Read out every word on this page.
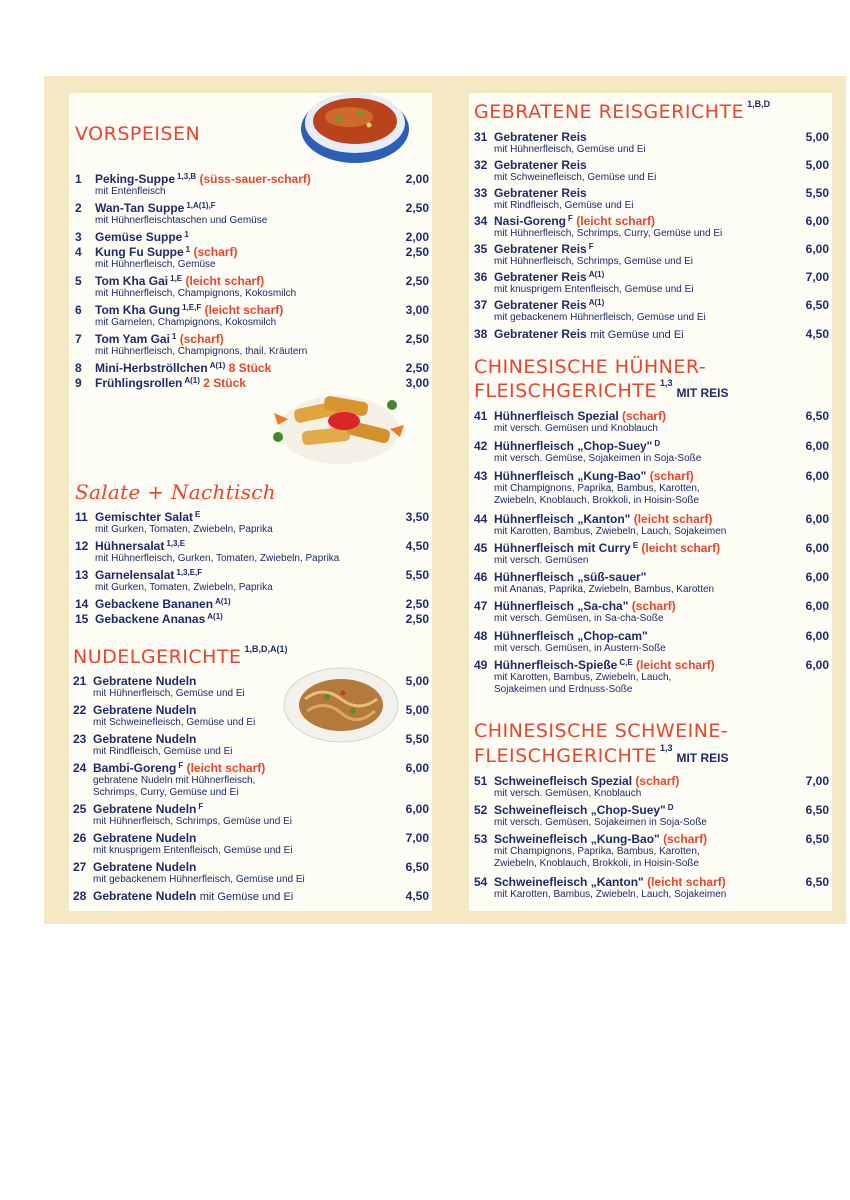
VORSPEISEN
1	Peking-Suppe $^{1,3,B}$ (süss-sauer-scharf)	2,00
mit Entenfleisch
2	Wan-Tan Suppe $^{1,A(1),F}$	2,50
mit Hühnerfleischtaschen und Gemüse
3	Gemüse Suppe $^1$	2,00
4	Kung Fu Suppe $^1$ (scharf)	2,50
mit Hühnerfleisch, Gemüse
5	Tom Kha Gai $^{1,E}$ (leicht scharf)	2,50
mit Hühnerfleisch, Champignons, Kokosmilch
6	Tom Kha Gung $^{1,E,F}$ (leicht scharf)	3,00
mit Garnelen, Champignons, Kokosmilch
7	Tom Yam Gai $^1$ (scharf)	2,50
mit Hühnerfleisch, Champignons, thail. Kräutern
8	Mini-Herbströllchen $^{A(1)}$ 8 Stück	2,50
9	Frühlingsrollen $^{A(1)}$ 2 Stück	3,00
Salate + Nachtisch
11 Gemischter Salat $^E$	3,50
mit Gurken, Tomaten, Zwiebeln, Paprika
12 Hühnersalat $^{1,3,E}$	4,50
mit Hühnerfleisch, Gurken, Tomaten, Zwiebeln, Paprika
13 Garnelensalat $^{1,3,E,F}$	5,50
mit Gurken, Tomaten, Zwiebeln, Paprika
14 Gebackene Bananen $^{A(1)}$	2,50
15 Gebackene Ananas $^{A(1)}$	2,50
NUDELGERICHTE $^{1,B,D,A(1)}$
21 Gebratene Nudeln	5,00
mit Hühnerfleisch, Gemüse und Ei
22 Gebratene Nudeln	5,00
mit Schweinefleisch, Gemüse und Ei
23 Gebratene Nudeln	5,50
mit Rindfleisch, Gemüse und Ei
24 Bambi-Goreng $^F$ (leicht scharf)	6,00
gebratene Nudeln mit Hühnerfleisch,
Schrimps, Curry, Gemüse und Ei
25 Gebratene Nudeln $^F$	6,00
mit Hühnerfleisch, Schrimps, Gemüse und Ei
26 Gebratene Nudeln	7,00
mit knusprigem Entenfleisch, Gemüse und Ei
27 Gebratene Nudeln	6,50
mit gebackenem Hühnerfleisch, Gemüse und Ei
28 Gebratene Nudeln mit Gemüse und Ei	4,50
GEBRATENE REISGERICHTE $^{1,B,D}$
31 Gebratener Reis	5,00
mit Hühnerfleisch, Gemüse und Ei
32 Gebratener Reis	5,00
mit Schweinefleisch, Gemüse und Ei
33 Gebratener Reis	5,50
mit Rindfleisch, Gemüse und Ei
34 Nasi-Goreng $^F$ (leicht scharf)	6,00
mit Hühnerfleisch, Schrimps, Curry, Gemüse und Ei
35 Gebratener Reis $^F$	6,00
mit Hühnerfleisch, Schrimps, Gemüse und Ei
36 Gebratener Reis $^{A(1)}$	7,00
mit knusprigem Entenfleisch, Gemüse und Ei
37 Gebratener Reis $^{A(1)}$	6,50
mit gebackenem Hühnerfleisch, Gemüse und Ei
38 Gebratener Reis mit Gemüse und Ei	4,50
CHINESISCHE HÜHNER-
FLEISCHGERICHTE $^{1,3}$MIT REIS
41 Hühnerfleisch Spezial (scharf)	6,50
mit versch. Gemüsen und Knoblauch
42 Hühnerfleisch „Chop-Suey" $^D$	6,00
mit versch. Gemüse, Sojakeimen in Soja-Soße
43 Hühnerfleisch „Kung-Bao" (scharf)	6,00
mit Champignons, Paprika, Bambus, Karotten,
Zwiebeln, Knoblauch, Brokkoli, in Hoisin-Soße
44 Hühnerfleisch „Kanton" (leicht scharf)	6,00
mit Karotten, Bambus, Zwiebeln, Lauch, Sojakeimen
45 Hühnerfleisch mit Curry $^E$ (leicht scharf)	6,00
mit versch. Gemüsen
46 Hühnerfleisch „süß-sauer"	6,00
mit Ananas, Paprika, Zwiebeln, Bambus, Karotten
47 Hühnerfleisch „Sa-cha" (scharf)	6,00
mit versch. Gemüsen, in Sa-cha-Soße
48 Hühnerfleisch „Chop-cam"	6,00
mit versch. Gemüsen, in Austern-Soße
49 Hühnerfleisch-Spieße $^{C,E}$ (leicht scharf)	6,00
mit Karotten, Bambus, Zwiebeln, Lauch,
Sojakeimen und Erdnuss-Soße
CHINESISCHE SCHWEINE-
FLEISCHGERICHTE $^{1,3}$MIT REIS
51 Schweinefleisch Spezial (scharf)	7,00
mit versch. Gemüsen, Knoblauch
52 Schweinefleisch „Chop-Suey" $^D$	6,50
mit versch. Gemüsen, Sojakeimen in Soja-Soße
53 Schweinefleisch „Kung-Bao" (scharf)	6,50
mit Champignons, Paprika, Bambus, Karotten,
Zwiebeln, Knoblauch, Brokkoli, in Hoisin-Soße
54 Schweinefleisch „Kanton" (leicht scharf)	6,50
mit Karotten, Bambus, Zwiebeln, Lauch, Sojakeimen
